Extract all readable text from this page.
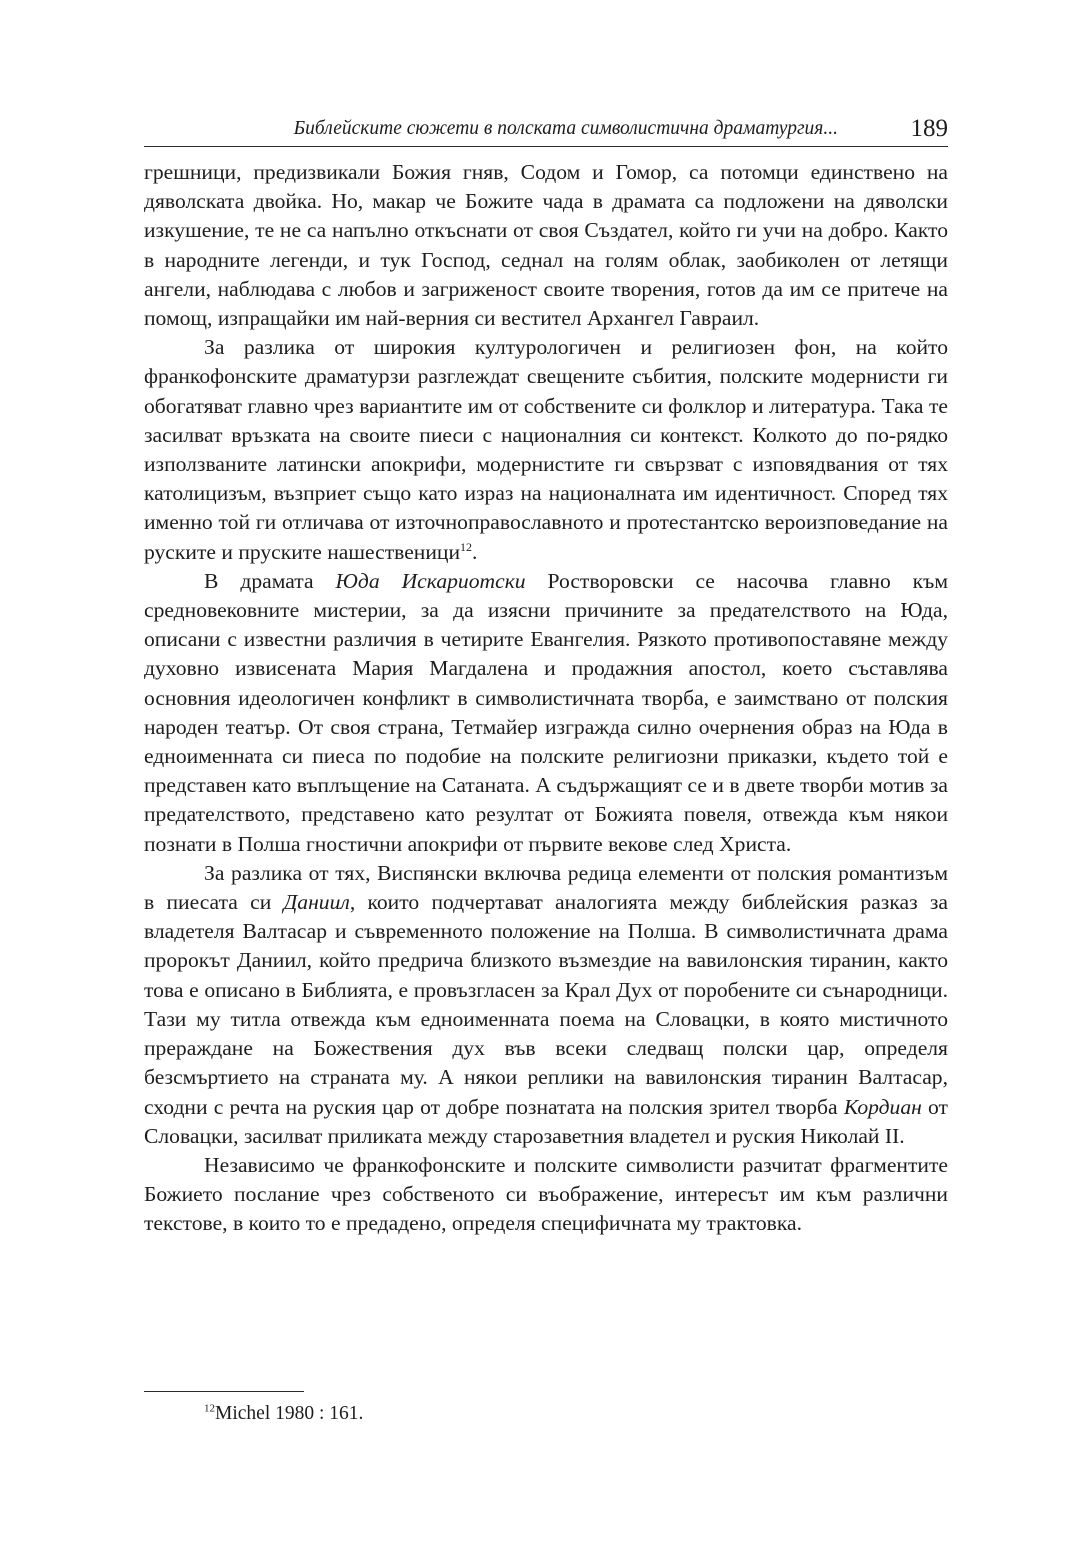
Библейските сюжети в полската символистична драматургия...	189

грешници, предизвикали Божия гняв, Содом и Гомор, са потомци единствено на дяволската двойка. Но, макар че Божите чада в драмата са подложени на дяволски изкушение, те не са напълно откъснати от своя Създател, който ги учи на добро. Както в народните легенди, и тук Господ, седнал на голям облак, заобиколен от летящи ангели, наблюдава с любов и загриженост своите творения, готов да им се притече на помощ, изпращайки им най-верния си вестител Архангел Гавраил.

За разлика от широкия културологичен и религиозен фон, на който франкофонските драматурзи разглеждат свещените събития, полските модернисти ги обогатяват главно чрез вариантите им от собствените си фолклор и литература. Така те засилват връзката на своите пиеси с националния си контекст. Колкото до по-рядко използваните латински апокрифи, модернистите ги свързват с изповядвания от тях католицизъм, възприет също като израз на националната им идентичност. Според тях именно той ги отличава от източноправославното и протестантско вероизповедание на руските и пруските нашественици$^{12}$.

В драмата Юда Искариотски Ростворовски се насочва главно към средновековните мистерии, за да изясни причините за предателството на Юда, описани с известни различия в четирите Евангелия. Рязкото противопоставяне между духовно извисената Мария Магдалена и продажния апостол, което съставлява основния идеологичен конфликт в символистичната творба, е заимствано от полския народен театър. От своя страна, Тетмайер изгражда силно очернения образ на Юда в едноименната си пиеса по подобие на полските религиозни приказки, където той е представен като въплъщение на Сатаната. А съдържащият се и в двете творби мотив за предателството, представено като резултат от Божията повеля, отвежда към някои познати в Полша гностични апокрифи от първите векове след Христа.

За разлика от тях, Виспянски включва редица елементи от полския романтизъм в пиесата си Даниил, които подчертават аналогията между библейския разказ за владетеля Валтасар и съвременното положение на Полша. В символистичната драма пророкът Даниил, който предрича близкото възмездие на вавилонския тиранин, както това е описано в Библията, е провъзгласен за Крал Дух от поробените си сънародници. Тази му титла отвежда към едноименната поема на Словацки, в която мистичното прераждане на Божествения дух във всеки следващ полски цар, определя безсмъртието на страната му. А някои реплики на вавилонския тиранин Валтасар, сходни с речта на руския цар от добре познатата на полския зрител творба Кордиан от Словацки, засилват приликата между старозаветния владетел и руския Николай II.

Независимо че франкофонските и полските символисти разчитат фрагментите Божието послание чрез собственото си въображение, интересът им към различни текстове, в които то е предадено, определя специфичната му трактовка.

$^{12}$Michel 1980 : 161.
